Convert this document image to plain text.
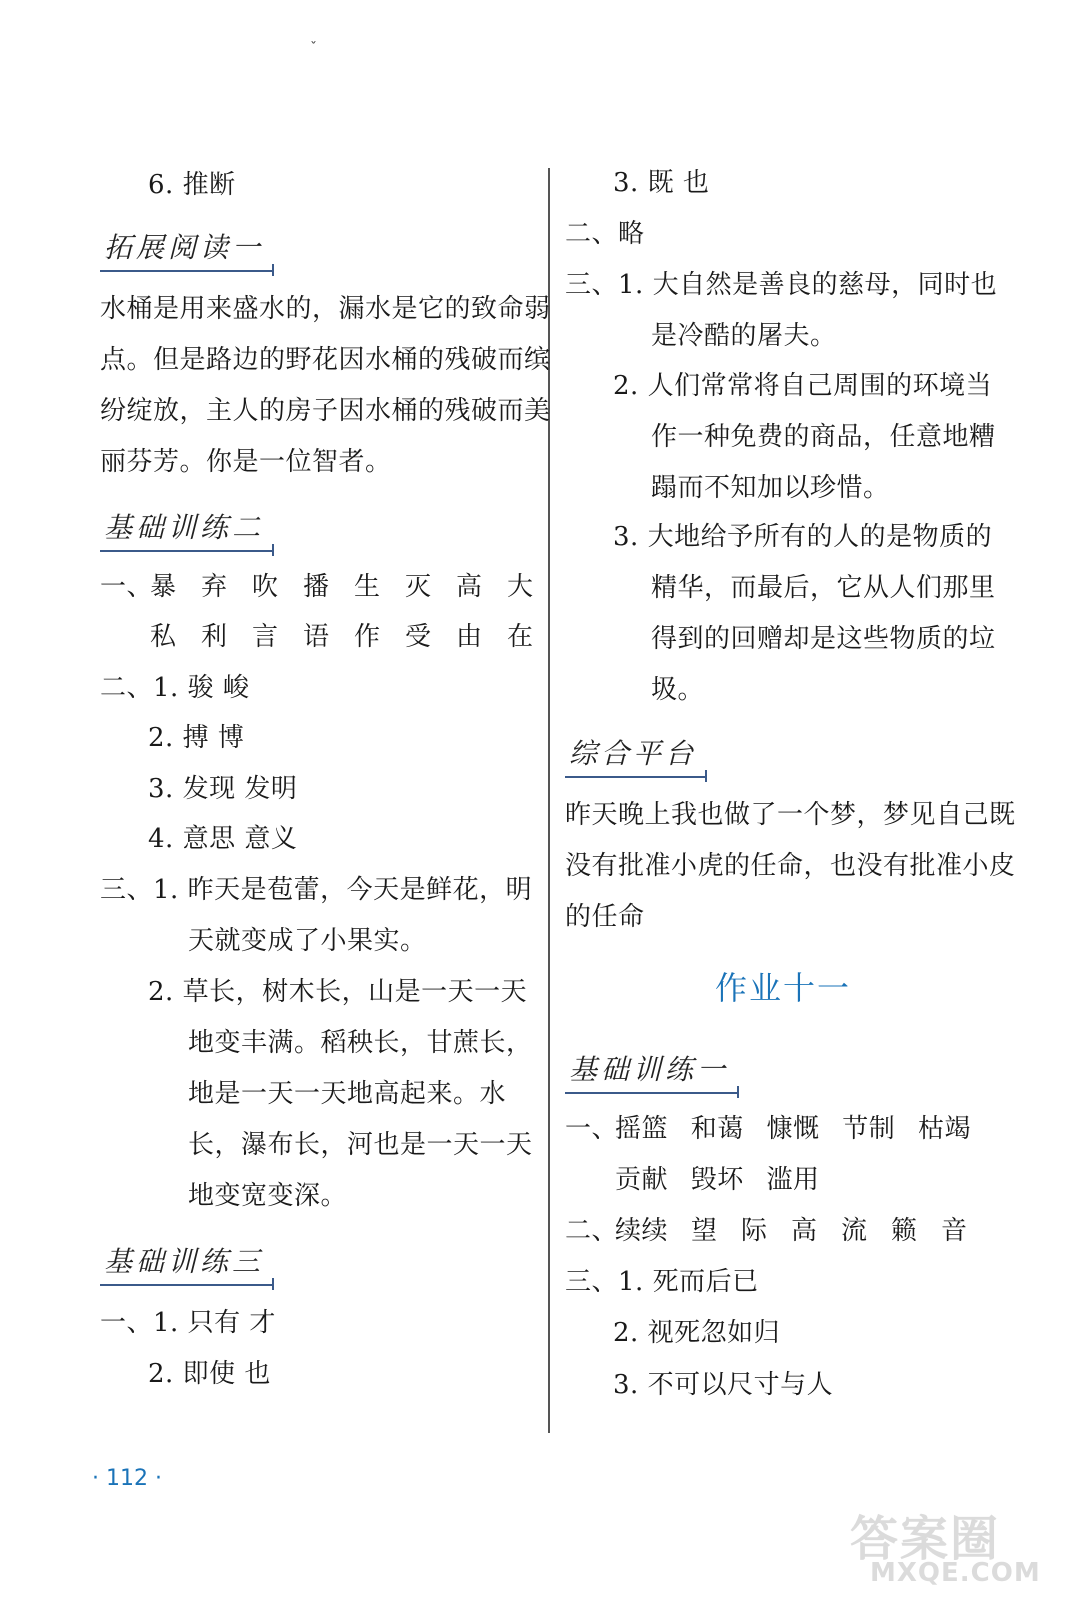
ˇ
6. 推断
拓展阅读一
水桶是用来盛水的，漏水是它的致命弱
点。但是路边的野花因水桶的残破而缤
纷绽放，主人的房子因水桶的残破而美
丽芬芳。你是一位智者。
基础训练二
一、
暴 弃 吹 播 生 灭 高 大
私 利 言 语 作 受 由 在
二、1. 骏 峻
2. 搏 博
3. 发现 发明
4. 意思 意义
三、1. 昨天是苞蕾，今天是鲜花，明
天就变成了小果实。
2. 草长，树木长，山是一天一天
地变丰满。稻秧长，甘蔗长，
地是一天一天地高起来。水
长，瀑布长，河也是一天一天
地变宽变深。
基础训练三
一、1. 只有 才
2. 即使 也
3. 既 也
二、略
三、1. 大自然是善良的慈母，同时也
是冷酷的屠夫。
2. 人们常常将自己周围的环境当
作一种免费的商品，任意地糟
蹋而不知加以珍惜。
3. 大地给予所有的人的是物质的
精华，而最后，它从人们那里
得到的回赠却是这些物质的垃
圾。
综合平台
昨天晚上我也做了一个梦，梦见自己既
没有批准小虎的任命，也没有批准小皮
的任命
作业十一
基础训练一
一、
摇篮 和蔼 慷慨 节制 枯竭
贡献 毁坏 滥用
二、
续续 望 际 高 流 籁 音
三、1. 死而后已
2. 视死忽如归
3. 不可以尺寸与人
· 112 ·
答案圈
MXQE.COM
